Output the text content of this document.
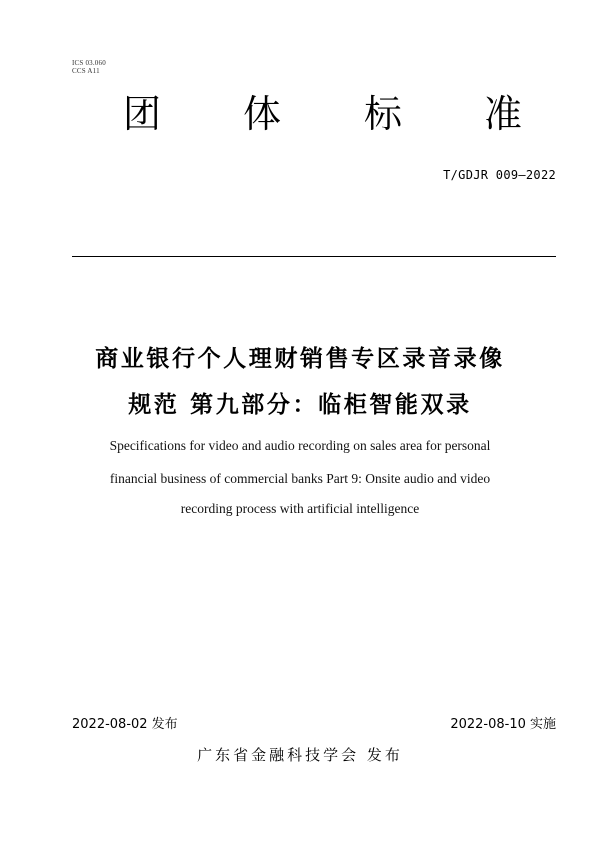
ICS 03.060
CCS A11
团 体 标 准
T/GDJR 009—2022
商业银行个人理财销售专区录音录像
规范 第九部分：临柜智能双录
Specifications for video and audio recording on sales area for personal
financial business of commercial banks Part 9: Onsite audio and video
recording process with artificial intelligence
2022-08-02 发布	2022-08-10 实施
广东省金融科技学会 发布
